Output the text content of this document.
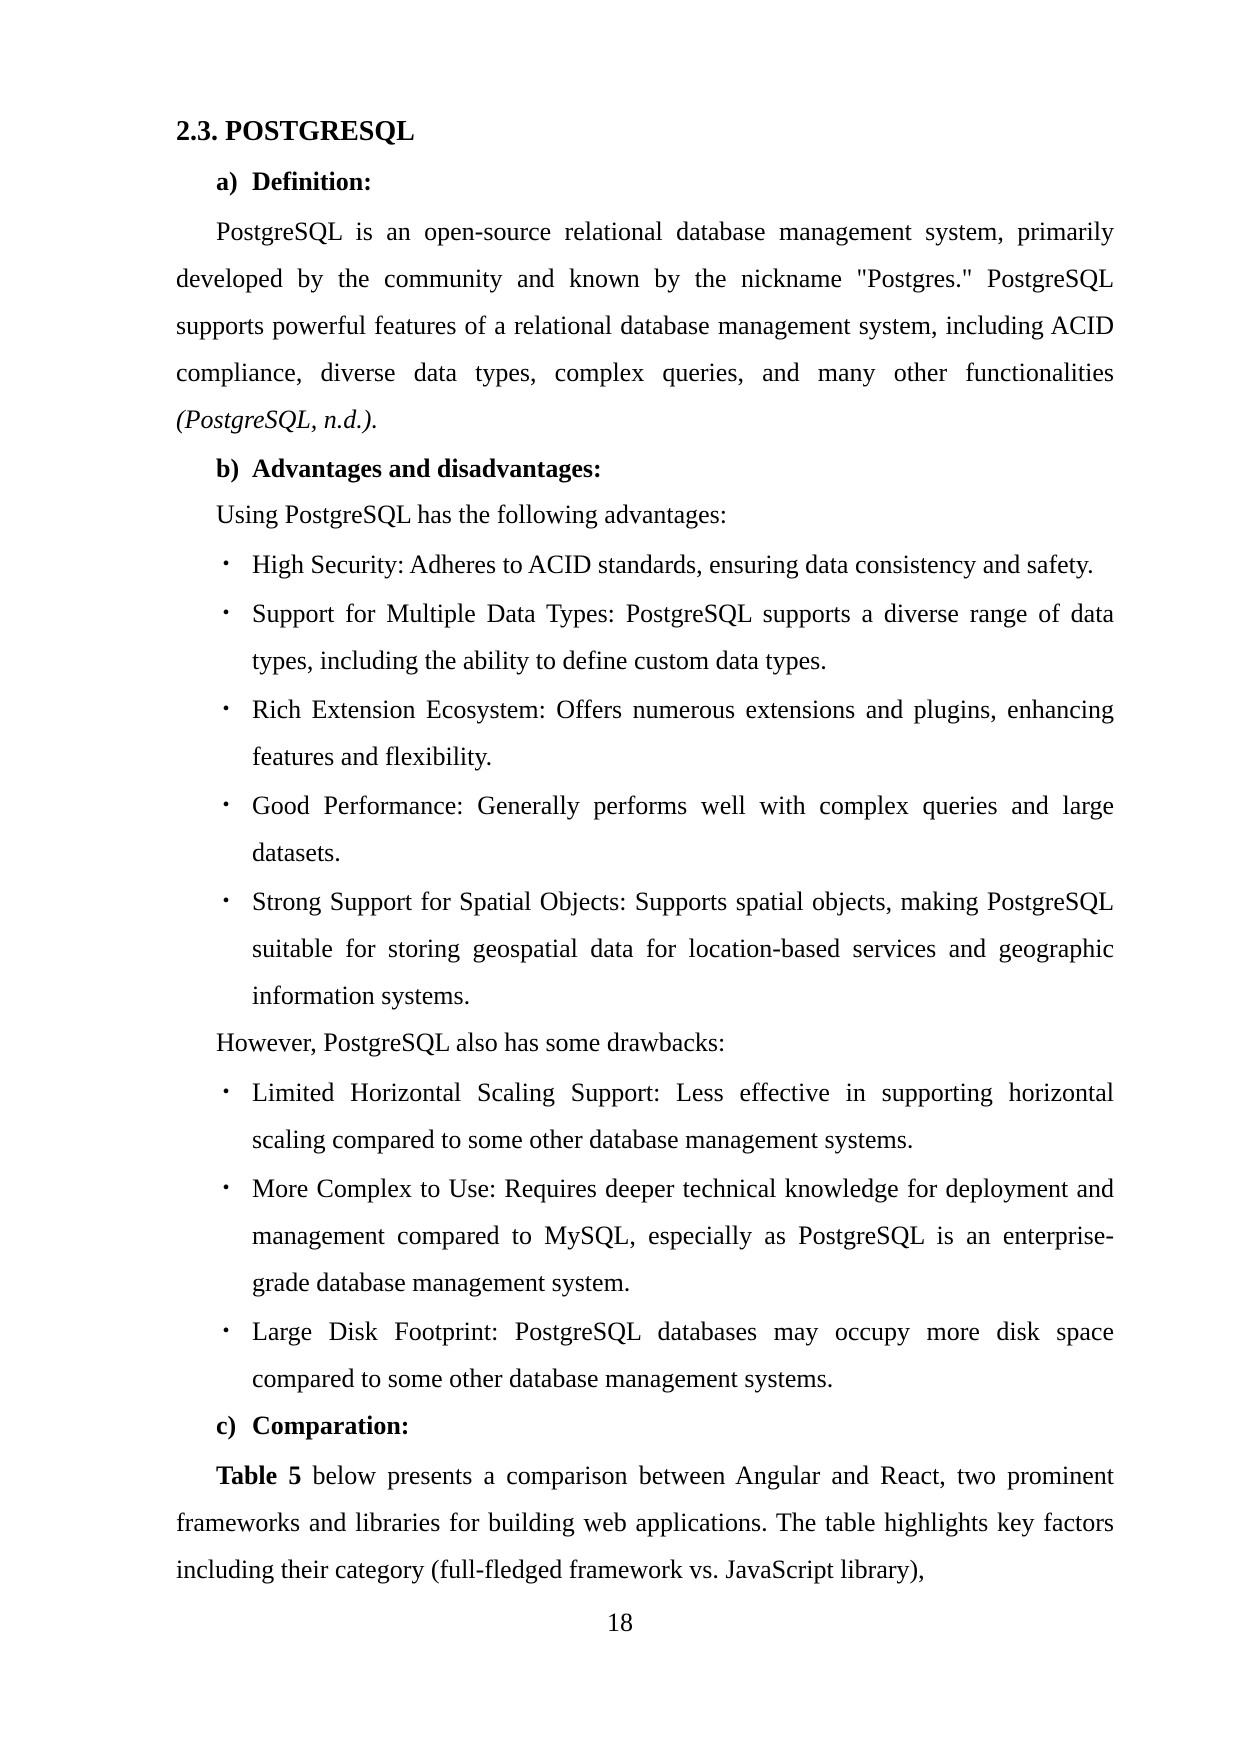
2.3. POSTGRESQL
a) Definition:

PostgreSQL is an open-source relational database management system, primarily developed by the community and known by the nickname "Postgres." PostgreSQL supports powerful features of a relational database management system, including ACID compliance, diverse data types, complex queries, and many other functionalities (PostgreSQL, n.d.).

b) Advantages and disadvantages:

Using PostgreSQL has the following advantages:

• High Security: Adheres to ACID standards, ensuring data consistency and safety.
• Support for Multiple Data Types: PostgreSQL supports a diverse range of data types, including the ability to define custom data types.
• Rich Extension Ecosystem: Offers numerous extensions and plugins, enhancing features and flexibility.
• Good Performance: Generally performs well with complex queries and large datasets.
• Strong Support for Spatial Objects: Supports spatial objects, making PostgreSQL suitable for storing geospatial data for location-based services and geographic information systems.

However, PostgreSQL also has some drawbacks:

• Limited Horizontal Scaling Support: Less effective in supporting horizontal scaling compared to some other database management systems.
• More Complex to Use: Requires deeper technical knowledge for deployment and management compared to MySQL, especially as PostgreSQL is an enterprise-grade database management system.
• Large Disk Footprint: PostgreSQL databases may occupy more disk space compared to some other database management systems.
c) Comparation:

Table 5 below presents a comparison between Angular and React, two prominent frameworks and libraries for building web applications. The table highlights key factors including their category (full-fledged framework vs. JavaScript library),

18
